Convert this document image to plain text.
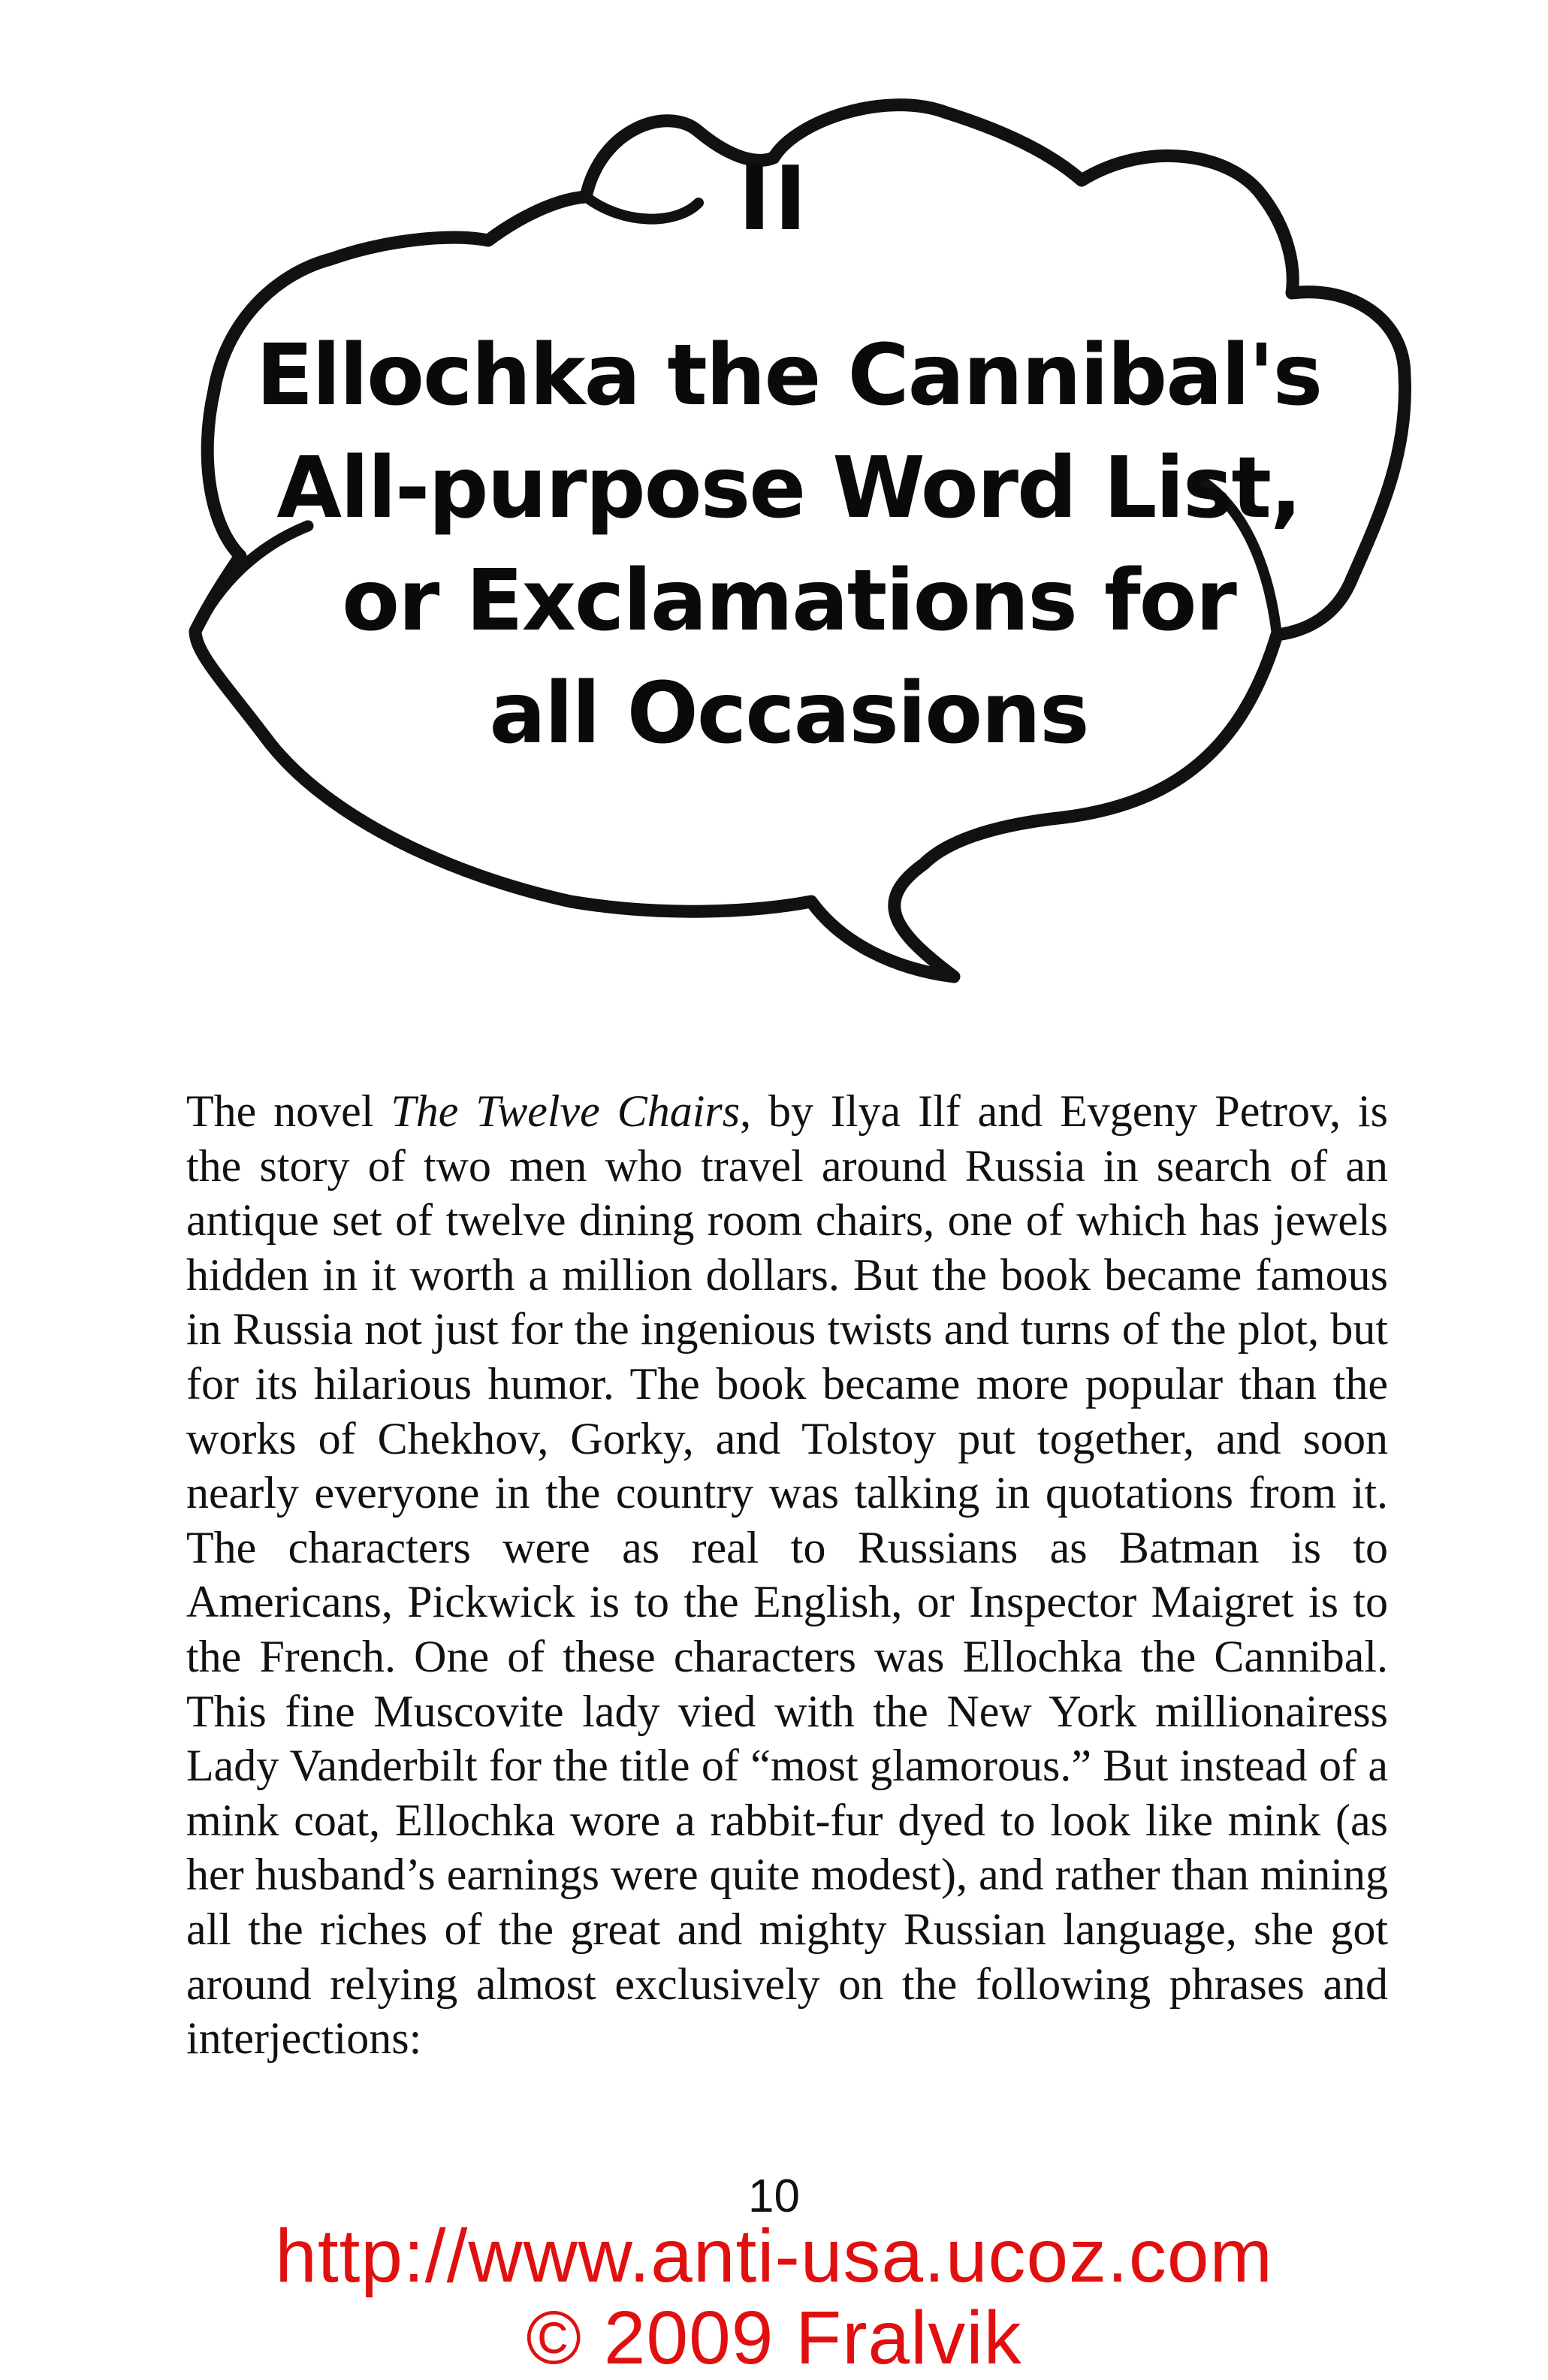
II
Ellochka the Cannibal's
All-purpose Word List,
or Exclamations for
all Occasions

The novel The Twelve Chairs, by Ilya Ilf and Evgeny Petrov, is the story of two men who travel around Russia in search of an antique set of twelve dining room chairs, one of which has jewels hidden in it worth a million dollars. But the book became famous in Russia not just for the ingenious twists and turns of the plot, but for its hilarious humor. The book became more popular than the works of Chekhov, Gorky, and Tolstoy put together, and soon nearly everyone in the country was talking in quotations from it. The characters were as real to Russians as Batman is to Americans, Pickwick is to the English, or Inspector Maigret is to the French. One of these characters was Ellochka the Cannibal. This fine Muscovite lady vied with the New York millionairess Lady Vanderbilt for the title of “most glamorous.” But instead of a mink coat, Ellochka wore a rabbit-fur dyed to look like mink (as her husband’s earnings were quite modest), and rather than mining all the riches of the great and mighty Russian language, she got around relying almost exclusively on the following phrases and interjections:

10
http://www.anti-usa.ucoz.com
© 2009 Fralvik
